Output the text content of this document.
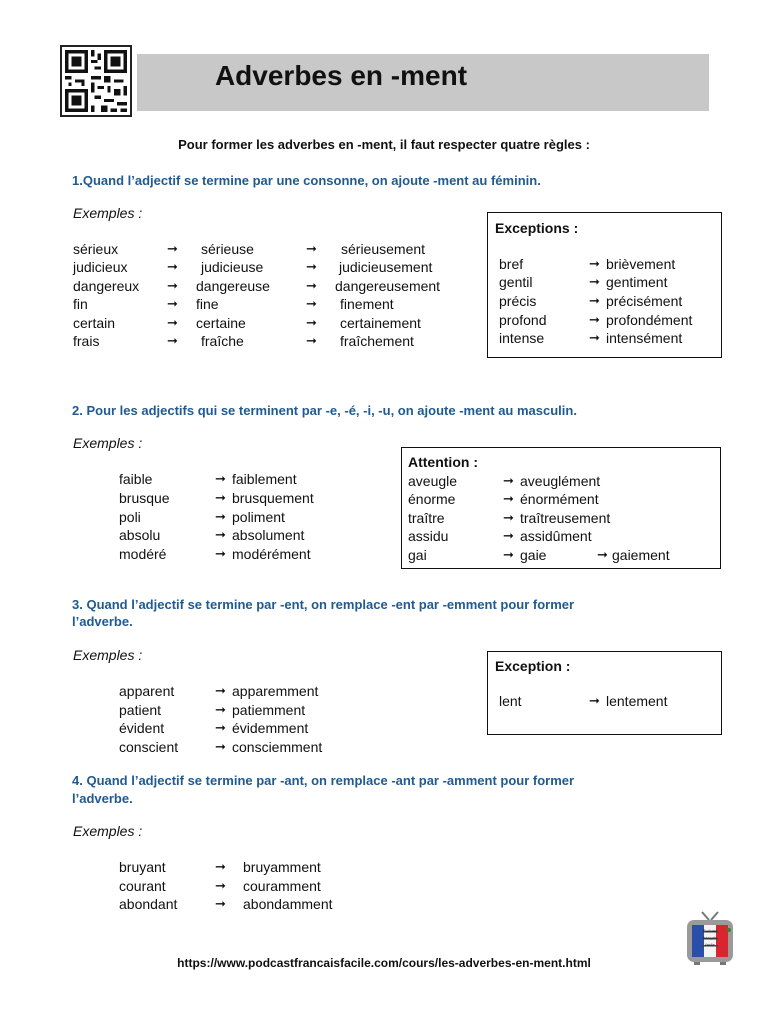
Adverbes en -ment
Pour former les adverbes en -ment, il faut respecter quatre règles :
1.Quand l’adjectif se termine par une consonne, on ajoute -ment au féminin.
Exemples :
sérieux	➞ sérieuse	➞ sérieusement
judicieux	➞ judicieuse	➞ judicieusement
dangereux ➞ dangereuse	➞ dangereusement
fin	➞ fine	➞ finement
certain	➞ certaine	➞ certainement
frais	➞ fraîche	➞ fraîchement
Exceptions :
bref	➞ brièvement
gentil	➞ gentiment
précis	➞ précisément
profond	➞ profondément
intense	➞ intensément
2. Pour les adjectifs qui se terminent par -e, -é, -i, -u, on ajoute -ment au masculin.
Exemples :
faible	➞ faiblement
brusque	➞ brusquement
poli	➞ poliment
absolu	➞ absolument
modéré	➞ modérément
Attention :
aveugle	➞ aveuglément
énorme	➞ énormément
traître	➞ traîtreusement
assidu	➞ assidûment
gai	➞ gaie	➞ gaiement
3. Quand l’adjectif se termine par -ent, on remplace -ent par -emment pour former
l’adverbe.
Exemples :
apparent	➞ apparemment
patient	➞ patiemment
évident	➞ évidemment
conscient	➞ consciemment
Exception :
lent	➞ lentement
4. Quand l’adjectif se termine par -ant, on remplace -ant par -amment pour former
l’adverbe.
Exemples :
bruyant	➞ bruyamment
courant	➞ couramment
abondant	➞ abondamment
Podcast français facile
https://www.podcastfrancaisfacile.com/cours/les-adverbes-en-ment.html
